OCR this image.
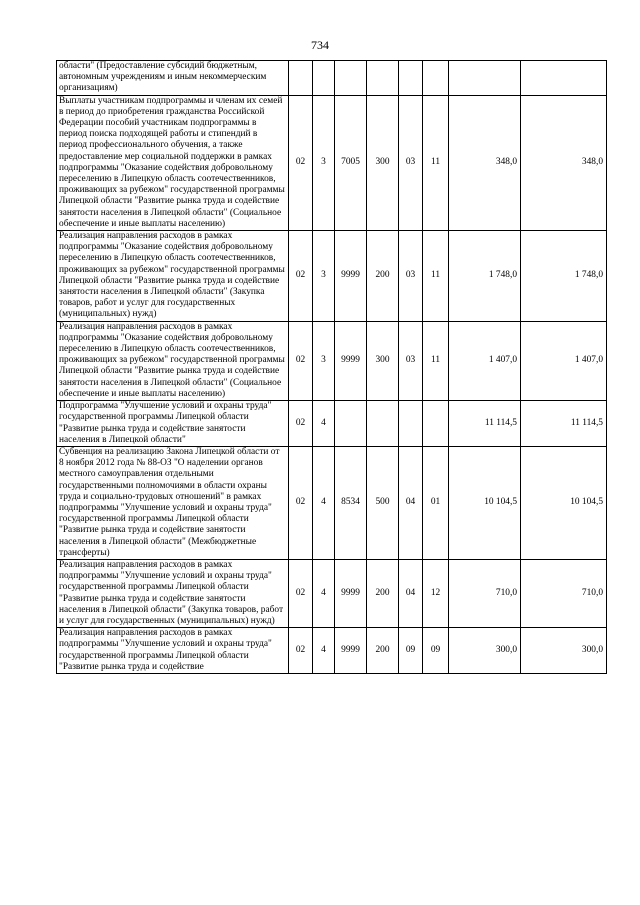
734
области" (Предоставление субсидий бюджетным, автономным учреждениям и иным некоммерческим организациям)								
Выплаты участникам подпрограммы и членам их семей в период до приобретения гражданства Российской Федерации пособий участникам подпрограммы в период поиска подходящей работы и стипендий в период профессионального обучения, а также предоставление мер социальной поддержки в рамках подпрограммы "Оказание содействия добровольному переселению в Липецкую область соотечественников, проживающих за рубежом" государственной программы Липецкой области "Развитие рынка труда и содействие занятости населения в Липецкой области" (Социальное обеспечение и иные выплаты населению)	02	3	7005	300	03	11	348,0	348,0
Реализация направления расходов в рамках подпрограммы "Оказание содействия добровольному переселению в Липецкую область соотечественников, проживающих за рубежом" государственной программы Липецкой области "Развитие рынка труда и содействие занятости населения в Липецкой области" (Закупка товаров, работ и услуг для государственных (муниципальных) нужд)	02	3	9999	200	03	11	1 748,0	1 748,0
Реализация направления расходов в рамках подпрограммы "Оказание содействия добровольному переселению в Липецкую область соотечественников, проживающих за рубежом" государственной программы Липецкой области "Развитие рынка труда и содействие занятости населения в Липецкой области" (Социальное обеспечение и иные выплаты населению)	02	3	9999	300	03	11	1 407,0	1 407,0
Подпрограмма "Улучшение условий и охраны труда" государственной программы Липецкой области "Развитие рынка труда и содействие занятости населения в Липецкой области"	02	4					11 114,5	11 114,5
Субвенция на реализацию Закона Липецкой области от 8 ноября 2012 года № 88-ОЗ "О наделении органов местного самоуправления отдельными государственными полномочиями в области охраны труда и социально-трудовых отношений" в рамках подпрограммы "Улучшение условий и охраны труда" государственной программы Липецкой области "Развитие рынка труда и содействие занятости населения в Липецкой области" (Межбюджетные трансферты)	02	4	8534	500	04	01	10 104,5	10 104,5
Реализация направления расходов в рамках подпрограммы "Улучшение условий и охраны труда" государственной программы Липецкой области "Развитие рынка труда и содействие занятости населения в Липецкой области" (Закупка товаров, работ и услуг для государственных (муниципальных) нужд)	02	4	9999	200	04	12	710,0	710,0
Реализация направления расходов в рамках подпрограммы "Улучшение условий и охраны труда" государственной программы Липецкой области "Развитие рынка труда и содействие	02	4	9999	200	09	09	300,0	300,0
